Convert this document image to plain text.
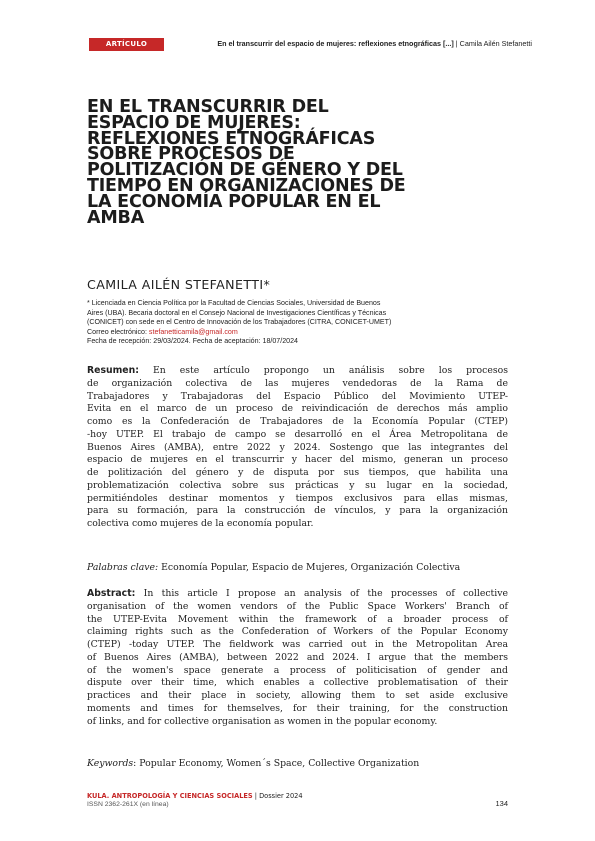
ARTÍCULO	En el transcurrir del espacio de mujeres: reflexiones etnográficas [...] | Camila Ailén Stefanetti
EN EL TRANSCURRIR DEL
ESPACIO DE MUJERES:
REFLEXIONES ETNOGRÁFICAS
SOBRE PROCESOS DE
POLITIZACIÓN DE GÉNERO Y DEL
TIEMPO EN ORGANIZACIONES DE
LA ECONOMÍA POPULAR EN EL
AMBA
CAMILA AILÉN STEFANETTI*
* Licenciada en Ciencia Política por la Facultad de Ciencias Sociales, Universidad de Buenos
Aires (UBA). Becaria doctoral en el Consejo Nacional de Investigaciones Científicas y Técnicas
(CONICET) con sede en el Centro de Innovación de los Trabajadores (CITRA, CONICET-UMET)
Correo electrónico: stefanetticamila@gmail.com
Fecha de recepción: 29/03/2024. Fecha de aceptación: 18/07/2024
Resumen: En este artículo propongo un análisis sobre los procesos
de organización colectiva de las mujeres vendedoras de la Rama de
Trabajadores y Trabajadoras del Espacio Público del Movimiento UTEP-
Evita en el marco de un proceso de reivindicación de derechos más amplio
como es la Confederación de Trabajadores de la Economía Popular (CTEP)
-hoy UTEP. El trabajo de campo se desarrolló en el Área Metropolitana de
Buenos Aires (AMBA), entre 2022 y 2024. Sostengo que las integrantes del
espacio de mujeres en el transcurrir y hacer del mismo, generan un proceso
de politización del género y de disputa por sus tiempos, que habilita una
problematización colectiva sobre sus prácticas y su lugar en la sociedad,
permitiéndoles destinar momentos y tiempos exclusivos para ellas mismas,
para su formación, para la construcción de vínculos, y para la organización
colectiva como mujeres de la economía popular.
Palabras clave: Economía Popular, Espacio de Mujeres, Organización Colectiva
Abstract: In this article I propose an analysis of the processes of collective
organisation of the women vendors of the Public Space Workers' Branch of
the UTEP-Evita Movement within the framework of a broader process of
claiming rights such as the Confederation of Workers of the Popular Economy
(CTEP) -today UTEP. The fieldwork was carried out in the Metropolitan Area
of Buenos Aires (AMBA), between 2022 and 2024. I argue that the members
of the women's space generate a process of politicisation of gender and
dispute over their time, which enables a collective problematisation of their
practices and their place in society, allowing them to set aside exclusive
moments and times for themselves, for their training, for the construction
of links, and for collective organisation as women in the popular economy.
Keywords: Popular Economy, Women´s Space, Collective Organization
KULA. ANTROPOLOGÍA Y CIENCIAS SOCIALES | Dossier 2024
ISSN 2362-261X (en línea)	134
